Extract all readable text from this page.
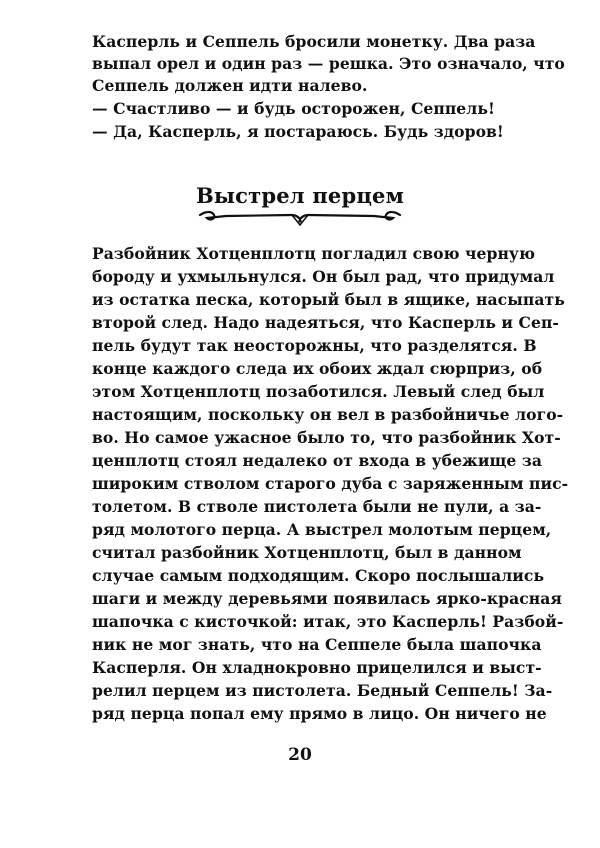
Касперль и Сеппель бросили монетку. Два раза
выпал орел и один раз — решка. Это означало, что
Сеппель должен идти налево.
— Счастливо — и будь осторожен, Сеппель!
— Да, Касперль, я постараюсь. Будь здоров!
Выстрел перцем
Разбойник Хотценплотц погладил свою черную
бороду и ухмыльнулся. Он был рад, что придумал
из остатка песка, который был в ящике, насыпать
второй след. Надо надеяться, что Касперль и Сеп-
пель будут так неосторожны, что разделятся. В
конце каждого следа их обоих ждал сюрприз, об
этом Хотценплотц позаботился. Левый след был
настоящим, поскольку он вел в разбойничье лого-
во. Но самое ужасное было то, что разбойник Хот-
ценплотц стоял недалеко от входа в убежище за
широким стволом старого дуба с заряженным пис-
толетом. В стволе пистолета были не пули, а за-
ряд молотого перца. А выстрел молотым перцем,
считал разбойник Хотценплотц, был в данном
случае самым подходящим. Скоро послышались
шаги и между деревьями появилась ярко-красная
шапочка с кисточкой: итак, это Касперль! Разбой-
ник не мог знать, что на Сеппеле была шапочка
Касперля. Он хладнокровно прицелился и выст-
релил перцем из пистолета. Бедный Сеппель! За-
ряд перца попал ему прямо в лицо. Он ничего не
20
